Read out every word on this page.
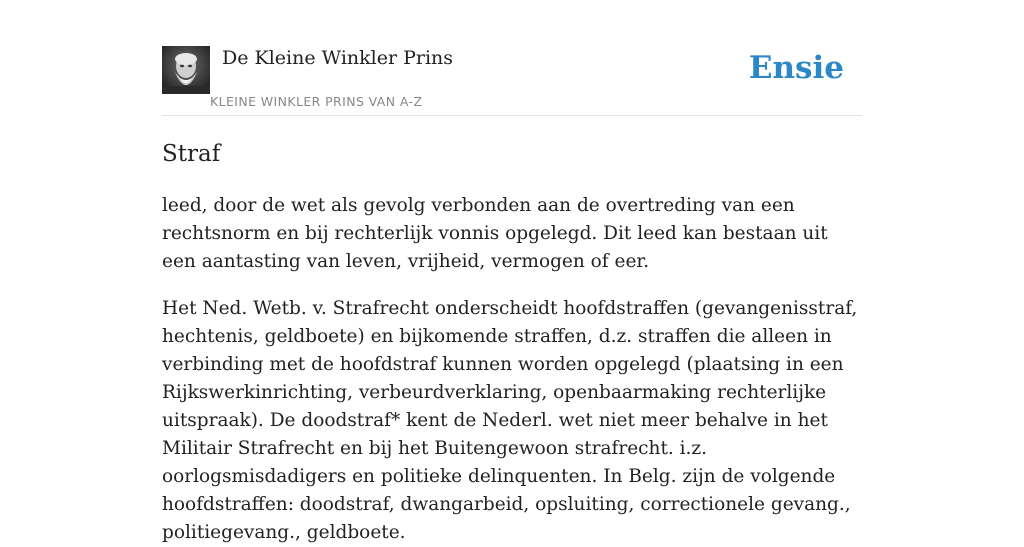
De Kleine Winkler Prins
KLEINE WINKLER PRINS VAN A-Z
Ensie
Straf

leed, door de wet als gevolg verbonden aan de overtreding van een rechtsnorm en bij rechterlijk vonnis opgelegd. Dit leed kan bestaan uit een aantasting van leven, vrijheid, vermogen of eer.

Het Ned. Wetb. v. Strafrecht onderscheidt hoofdstraffen (gevangenisstraf, hechtenis, geldboete) en bijkomende straffen, d.z. straffen die alleen in verbinding met de hoofdstraf kunnen worden opgelegd (plaatsing in een Rijkswerkinrichting, verbeurdverklaring, openbaarmaking rechterlijke uitspraak). De doodstraf* kent de Nederl. wet niet meer behalve in het Militair Strafrecht en bij het Buitengewoon strafrecht. i.z. oorlogsmisdadigers en politieke delinquenten. In Belg. zijn de volgende hoofdstraffen: doodstraf, dwangarbeid, opsluiting, correctionele gevang., politiegevang., geldboete.
